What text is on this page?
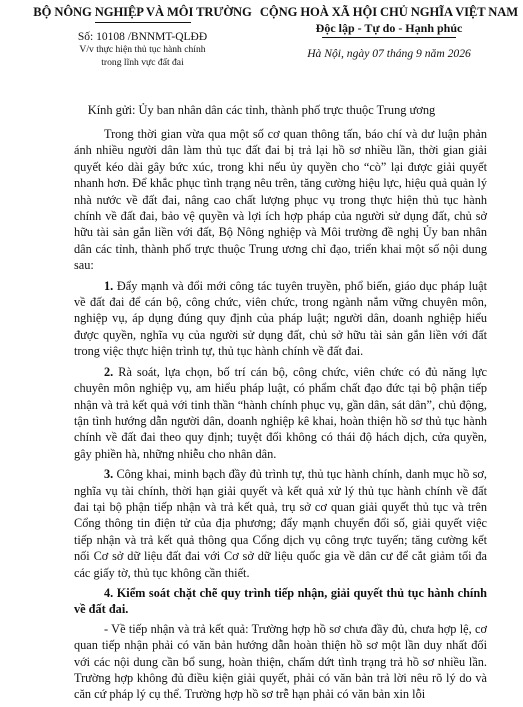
BỘ NÔNG NGHIỆP VÀ MÔI TRƯỜNG
Số: 10108 /BNNMT-QLĐĐ
V/v thực hiện thủ tục hành chính
trong lĩnh vực đất đai
CỘNG HOÀ XÃ HỘI CHỦ NGHĨA VIỆT NAM
Độc lập - Tự do - Hạnh phúc
Hà Nội, ngày 07 tháng 9 năm 2026
Kính gửi: Ủy ban nhân dân các tỉnh, thành phố trực thuộc Trung ương

Trong thời gian vừa qua một số cơ quan thông tấn, báo chí và dư luận phản ánh nhiều người dân làm thủ tục đất đai bị trả lại hồ sơ nhiều lần, thời gian giải quyết kéo dài gây bức xúc, trong khi nếu ủy quyền cho “cò” lại được giải quyết nhanh hơn. Để khắc phục tình trạng nêu trên, tăng cường hiệu lực, hiệu quả quản lý nhà nước về đất đai, nâng cao chất lượng phục vụ trong thực hiện thủ tục hành chính về đất đai, bảo vệ quyền và lợi ích hợp pháp của người sử dụng đất, chủ sở hữu tài sản gắn liền với đất, Bộ Nông nghiệp và Môi trường đề nghị Ủy ban nhân dân các tỉnh, thành phố trực thuộc Trung ương chỉ đạo, triển khai một số nội dung sau:

1. Đẩy mạnh và đổi mới công tác tuyên truyền, phổ biến, giáo dục pháp luật về đất đai để cán bộ, công chức, viên chức, trong ngành nắm vững chuyên môn, nghiệp vụ, áp dụng đúng quy định của pháp luật; người dân, doanh nghiệp hiểu được quyền, nghĩa vụ của người sử dụng đất, chủ sở hữu tài sản gắn liền với đất trong việc thực hiện trình tự, thủ tục hành chính về đất đai.

2. Rà soát, lựa chọn, bố trí cán bộ, công chức, viên chức có đủ năng lực chuyên môn nghiệp vụ, am hiểu pháp luật, có phẩm chất đạo đức tại bộ phận tiếp nhận và trả kết quả với tinh thần “hành chính phục vụ, gần dân, sát dân”, chủ động, tận tình hướng dẫn người dân, doanh nghiệp kê khai, hoàn thiện hồ sơ thủ tục hành chính về đất đai theo quy định; tuyệt đối không có thái độ hách dịch, cửa quyền, gây phiền hà, những nhiễu cho nhân dân.

3. Công khai, minh bạch đầy đủ trình tự, thủ tục hành chính, danh mục hồ sơ, nghĩa vụ tài chính, thời hạn giải quyết và kết quả xử lý thủ tục hành chính về đất đai tại bộ phận tiếp nhận và trả kết quả, trụ sở cơ quan giải quyết thủ tục và trên Cổng thông tin điện tử của địa phương; đẩy mạnh chuyển đổi số, giải quyết việc tiếp nhận và trả kết quả thông qua Cổng dịch vụ công trực tuyến; tăng cường kết nối Cơ sở dữ liệu đất đai với Cơ sở dữ liệu quốc gia về dân cư để cắt giảm tối đa các giấy tờ, thủ tục không cần thiết.

4. Kiểm soát chặt chẽ quy trình tiếp nhận, giải quyết thủ tục hành chính về đất đai.

- Về tiếp nhận và trả kết quả: Trường hợp hồ sơ chưa đầy đủ, chưa hợp lệ, cơ quan tiếp nhận phải có văn bản hướng dẫn hoàn thiện hồ sơ một lần duy nhất đối với các nội dung cần bổ sung, hoàn thiện, chấm dứt tình trạng trả hồ sơ nhiều lần. Trường hợp không đủ điều kiện giải quyết, phải có văn bản trả lời nêu rõ lý do và căn cứ pháp lý cụ thể. Trường hợp hồ sơ trễ hạn phải có văn bản xin lỗi
